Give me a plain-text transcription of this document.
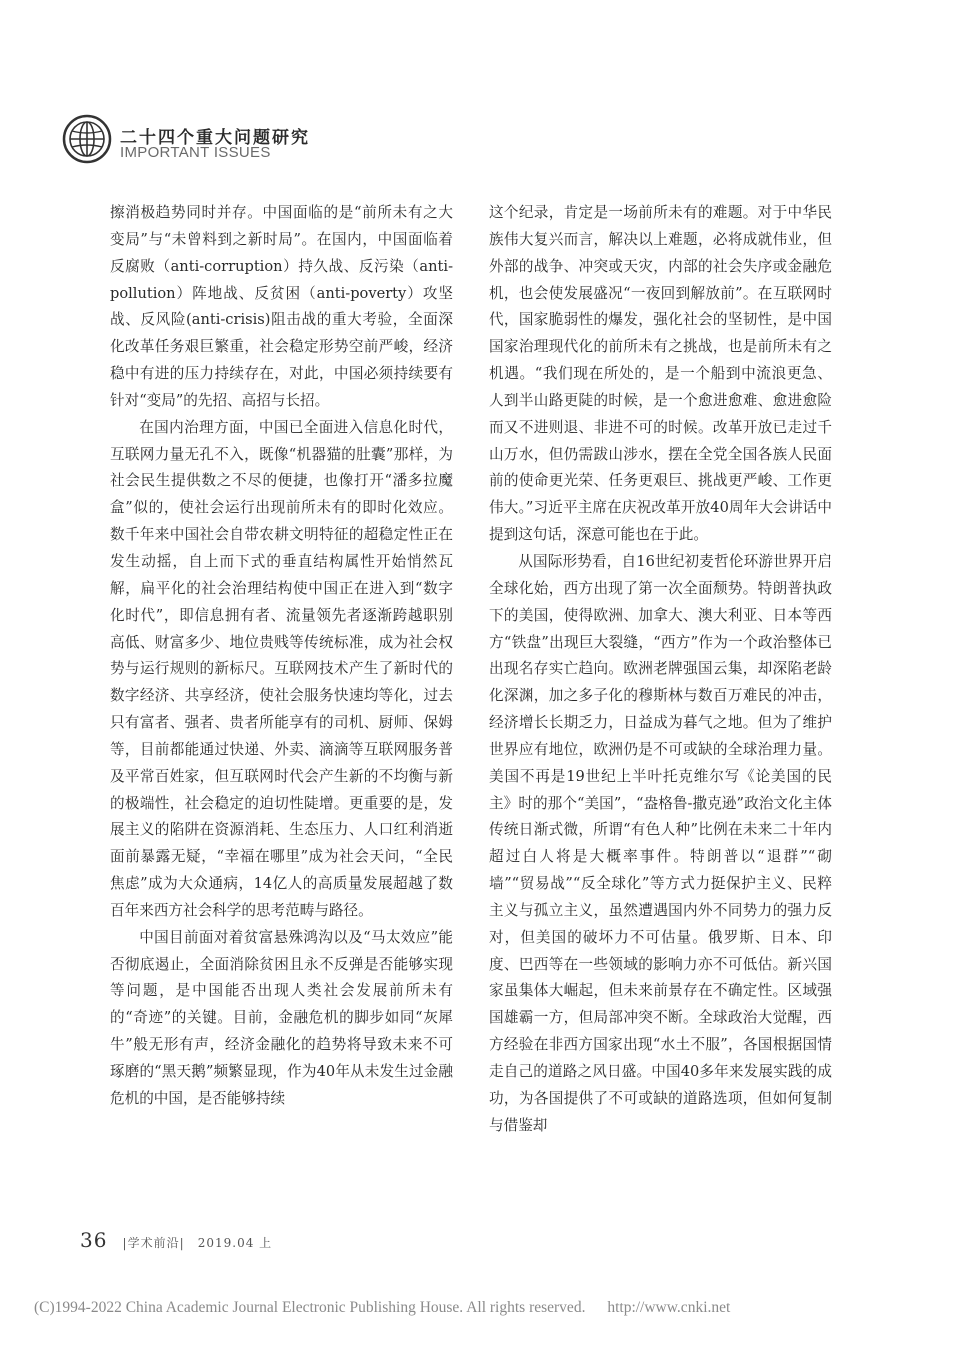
二十四个重大问题研究
IMPORTANT ISSUES

擦消极趋势同时并存。中国面临的是“前所未有之大变局”与“未曾料到之新时局”。在国内，中国面临着反腐败（anti-corruption）持久战、反污染（anti-pollution）阵地战、反贫困（anti-poverty）攻坚战、反风险(anti-crisis)阻击战的重大考验，全面深化改革任务艰巨繁重，社会稳定形势空前严峻，经济稳中有进的压力持续存在，对此，中国必须持续要有针对“变局”的先招、高招与长招。

在国内治理方面，中国已全面进入信息化时代，互联网力量无孔不入，既像“机器猫的肚囊”那样，为社会民生提供数之不尽的便捷，也像打开“潘多拉魔盒”似的，使社会运行出现前所未有的即时化效应。数千年来中国社会自带农耕文明特征的超稳定性正在发生动摇，自上而下式的垂直结构属性开始悄然瓦解，扁平化的社会治理结构使中国正在进入到“数字化时代”，即信息拥有者、流量领先者逐渐跨越职别高低、财富多少、地位贵贱等传统标准，成为社会权势与运行规则的新标尺。互联网技术产生了新时代的数字经济、共享经济，使社会服务快速均等化，过去只有富者、强者、贵者所能享有的司机、厨师、保姆等，目前都能通过快递、外卖、滴滴等互联网服务普及平常百姓家，但互联网时代会产生新的不均衡与新的极端性，社会稳定的迫切性陡增。更重要的是，发展主义的陷阱在资源消耗、生态压力、人口红利消逝面前暴露无疑，“幸福在哪里”成为社会天问，“全民焦虑”成为大众通病，14亿人的高质量发展超越了数百年来西方社会科学的思考范畴与路径。

中国目前面对着贫富悬殊鸿沟以及“马太效应”能否彻底遏止，全面消除贫困且永不反弹是否能够实现等问题，是中国能否出现人类社会发展前所未有的“奇迹”的关键。目前，金融危机的脚步如同“灰犀牛”般无形有声，经济金融化的趋势将导致未来不可琢磨的“黑天鹅”频繁显现，作为40年从未发生过金融危机的中国，是否能够持续

这个纪录，肯定是一场前所未有的难题。对于中华民族伟大复兴而言，解决以上难题，必将成就伟业，但外部的战争、冲突或天灾，内部的社会失序或金融危机，也会使发展盛况“一夜回到解放前”。在互联网时代，国家脆弱性的爆发，强化社会的坚韧性，是中国国家治理现代化的前所未有之挑战，也是前所未有之机遇。“我们现在所处的，是一个船到中流浪更急、人到半山路更陡的时候，是一个愈进愈难、愈进愈险而又不进则退、非进不可的时候。改革开放已走过千山万水，但仍需跋山涉水，摆在全党全国各族人民面前的使命更光荣、任务更艰巨、挑战更严峻、工作更伟大。”习近平主席在庆祝改革开放40周年大会讲话中提到这句话，深意可能也在于此。

从国际形势看，自16世纪初麦哲伦环游世界开启全球化始，西方出现了第一次全面颓势。特朗普执政下的美国，使得欧洲、加拿大、澳大利亚、日本等西方“铁盘”出现巨大裂缝，“西方”作为一个政治整体已出现名存实亡趋向。欧洲老牌强国云集，却深陷老龄化深渊，加之多子化的穆斯林与数百万难民的冲击，经济增长长期乏力，日益成为暮气之地。但为了维护世界应有地位，欧洲仍是不可或缺的全球治理力量。美国不再是19世纪上半叶托克维尔写《论美国的民主》时的那个“美国”，“盎格鲁-撒克逊”政治文化主体传统日渐式微，所谓“有色人种”比例在未来二十年内超过白人将是大概率事件。特朗普以“退群”“砌墙”“贸易战”“反全球化”等方式力挺保护主义、民粹主义与孤立主义，虽然遭遇国内外不同势力的强力反对，但美国的破坏力不可估量。俄罗斯、日本、印度、巴西等在一些领域的影响力亦不可低估。新兴国家虽集体大崛起，但未来前景存在不确定性。区域强国雄霸一方，但局部冲突不断。全球政治大觉醒，西方经验在非西方国家出现“水土不服”，各国根据国情走自己的道路之风日盛。中国40多年来发展实践的成功，为各国提供了不可或缺的道路选项，但如何复制与借鉴却

36 |学术前沿| 2019.04 上
(C)1994-2022 China Academic Journal Electronic Publishing House. All rights reserved. http://www.cnki.net
